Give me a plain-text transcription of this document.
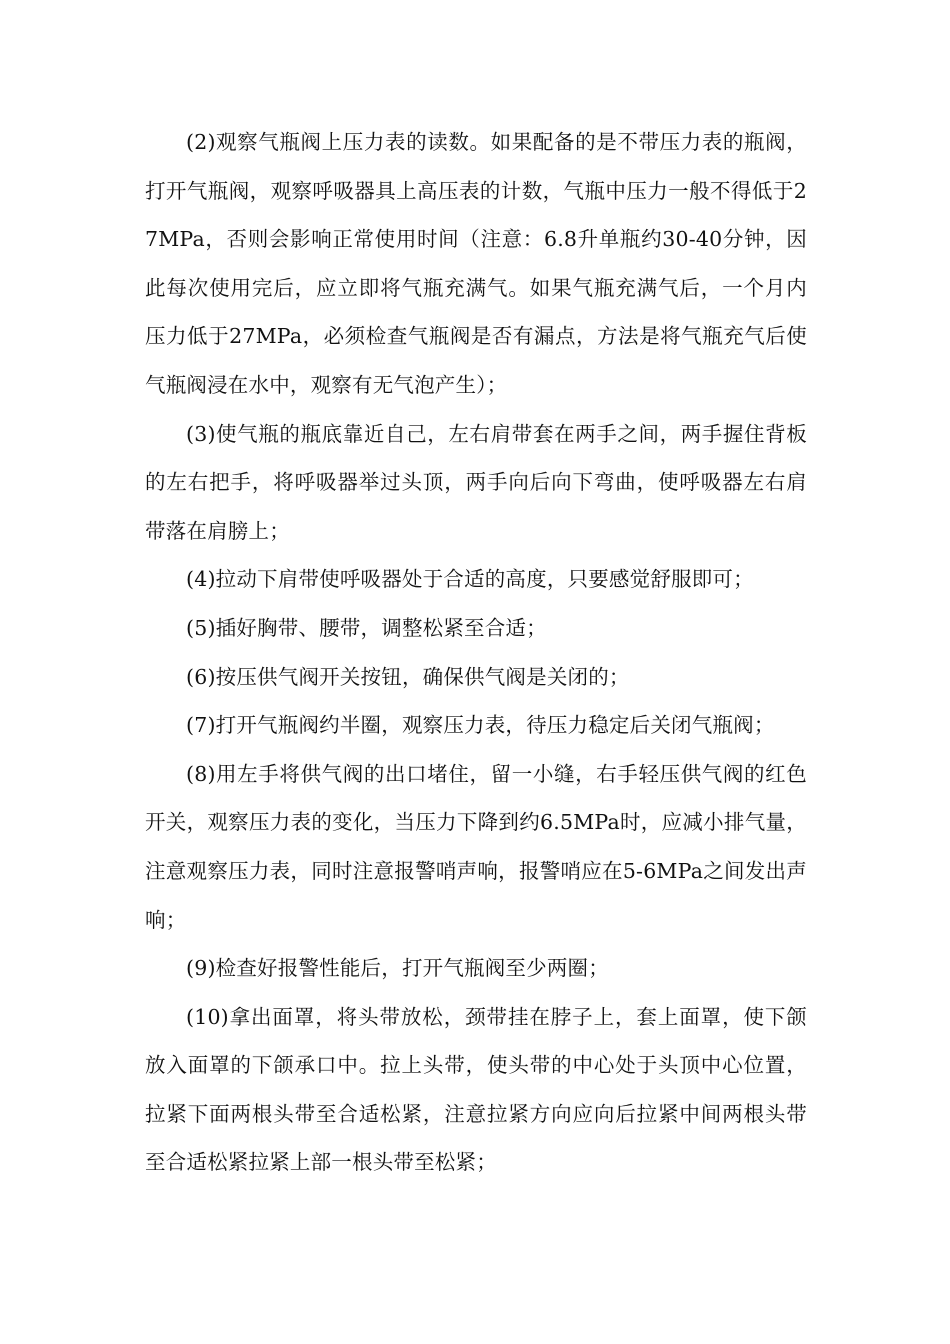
(2)观察气瓶阀上压力表的读数。如果配备的是不带压力表的瓶阀，打开气瓶阀，观察呼吸器具上高压表的计数，气瓶中压力一般不得低于27MPa，否则会影响正常使用时间（注意：6.8升单瓶约30-40分钟，因此每次使用完后，应立即将气瓶充满气。如果气瓶充满气后，一个月内压力低于27MPa，必须检查气瓶阀是否有漏点，方法是将气瓶充气后使气瓶阀浸在水中，观察有无气泡产生）；

(3)使气瓶的瓶底靠近自己，左右肩带套在两手之间，两手握住背板的左右把手，将呼吸器举过头顶，两手向后向下弯曲，使呼吸器左右肩带落在肩膀上；

(4)拉动下肩带使呼吸器处于合适的高度，只要感觉舒服即可；

(5)插好胸带、腰带，调整松紧至合适；

(6)按压供气阀开关按钮，确保供气阀是关闭的；

(7)打开气瓶阀约半圈，观察压力表，待压力稳定后关闭气瓶阀；

(8)用左手将供气阀的出口堵住，留一小缝，右手轻压供气阀的红色开关，观察压力表的变化，当压力下降到约6.5MPa时，应减小排气量，注意观察压力表，同时注意报警哨声响，报警哨应在5-6MPa之间发出声响；

(9)检查好报警性能后，打开气瓶阀至少两圈；

(10)拿出面罩，将头带放松，颈带挂在脖子上，套上面罩，使下颌放入面罩的下颌承口中。拉上头带，使头带的中心处于头顶中心位置，拉紧下面两根头带至合适松紧，注意拉紧方向应向后拉紧中间两根头带至合适松紧拉紧上部一根头带至松紧；
